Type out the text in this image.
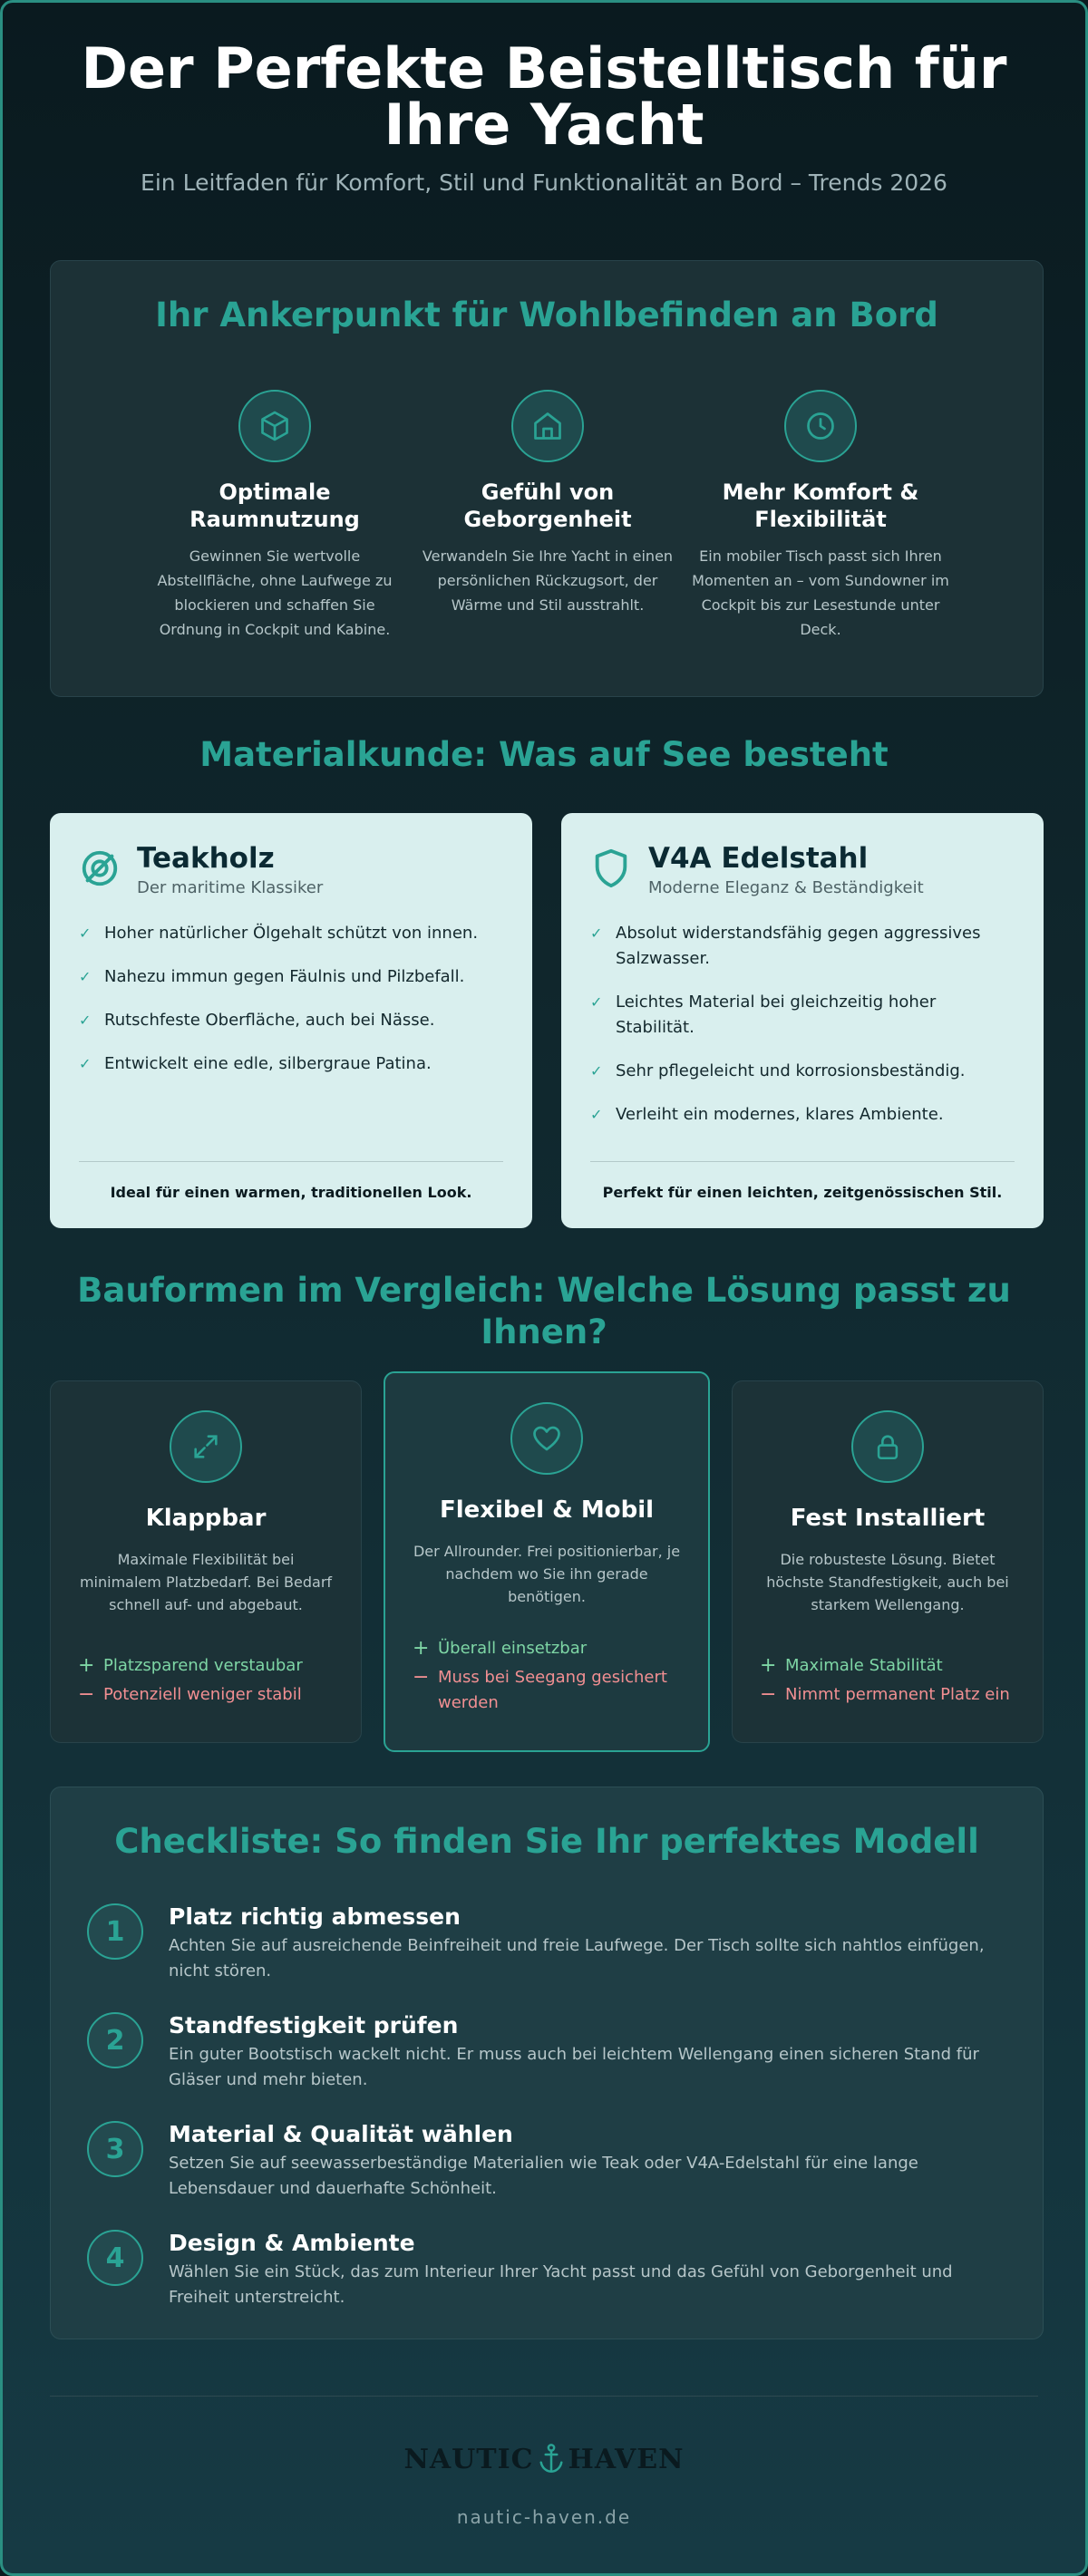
Der Perfekte Beistelltisch für Ihre Yacht

Ein Leitfaden für Komfort, Stil und Funktionalität an Bord – Trends 2026

Ihr Ankerpunkt für Wohlbefinden an Bord
Optimale Raumnutzung
Gewinnen Sie wertvolle Abstellfläche, ohne Laufwege zu blockieren und schaffen Sie Ordnung in Cockpit und Kabine.
Gefühl von Geborgenheit
Verwandeln Sie Ihre Yacht in einen persönlichen Rückzugsort, der Wärme und Stil ausstrahlt.
Mehr Komfort & Flexibilität
Ein mobiler Tisch passt sich Ihren Momenten an – vom Sundowner im Cockpit bis zur Lesestunde unter Deck.
Materialkunde: Was auf See besteht
Teakholz
Der maritime Klassiker
✓ Hoher natürlicher Ölgehalt schützt von innen.
✓ Nahezu immun gegen Fäulnis und Pilzbefall.
✓ Rutschfeste Oberfläche, auch bei Nässe.
✓ Entwickelt eine edle, silbergraue Patina.
Ideal für einen warmen, traditionellen Look.
V4A Edelstahl
Moderne Eleganz & Beständigkeit
✓ Absolut widerstandsfähig gegen aggressives Salzwasser.
✓ Leichtes Material bei gleichzeitig hoher Stabilität.
✓ Sehr pflegeleicht und korrosionsbeständig.
✓ Verleiht ein modernes, klares Ambiente.
Perfekt für einen leichten, zeitgenössischen Stil.
Bauformen im Vergleich: Welche Lösung passt zu Ihnen?
Klappbar
Maximale Flexibilität bei minimalem Platzbedarf. Bei Bedarf schnell auf- und abgebaut.
+ Platzsparend verstaubar
− Potenziell weniger stabil
Flexibel & Mobil
Der Allrounder. Frei positionierbar, je nachdem wo Sie ihn gerade benötigen.
+ Überall einsetzbar
− Muss bei Seegang gesichert werden
Fest Installiert
Die robusteste Lösung. Bietet höchste Standfestigkeit, auch bei starkem Wellengang.
+ Maximale Stabilität
− Nimmt permanent Platz ein
Checkliste: So finden Sie Ihr perfektes Modell
1	Platz richtig abmessen
Achten Sie auf ausreichende Beinfreiheit und freie Laufwege. Der Tisch sollte sich nahtlos einfügen, nicht stören.
2	Standfestigkeit prüfen
Ein guter Bootstisch wackelt nicht. Er muss auch bei leichtem Wellengang einen sicheren Stand für Gläser und mehr bieten.
3	Material & Qualität wählen
Setzen Sie auf seewasserbeständige Materialien wie Teak oder V4A-Edelstahl für eine lange Lebensdauer und dauerhafte Schönheit.
4	Design & Ambiente
Wählen Sie ein Stück, das zum Interieur Ihrer Yacht passt und das Gefühl von Geborgenheit und Freiheit unterstreicht.
NAUTIC HAVEN
nautic-haven.de
